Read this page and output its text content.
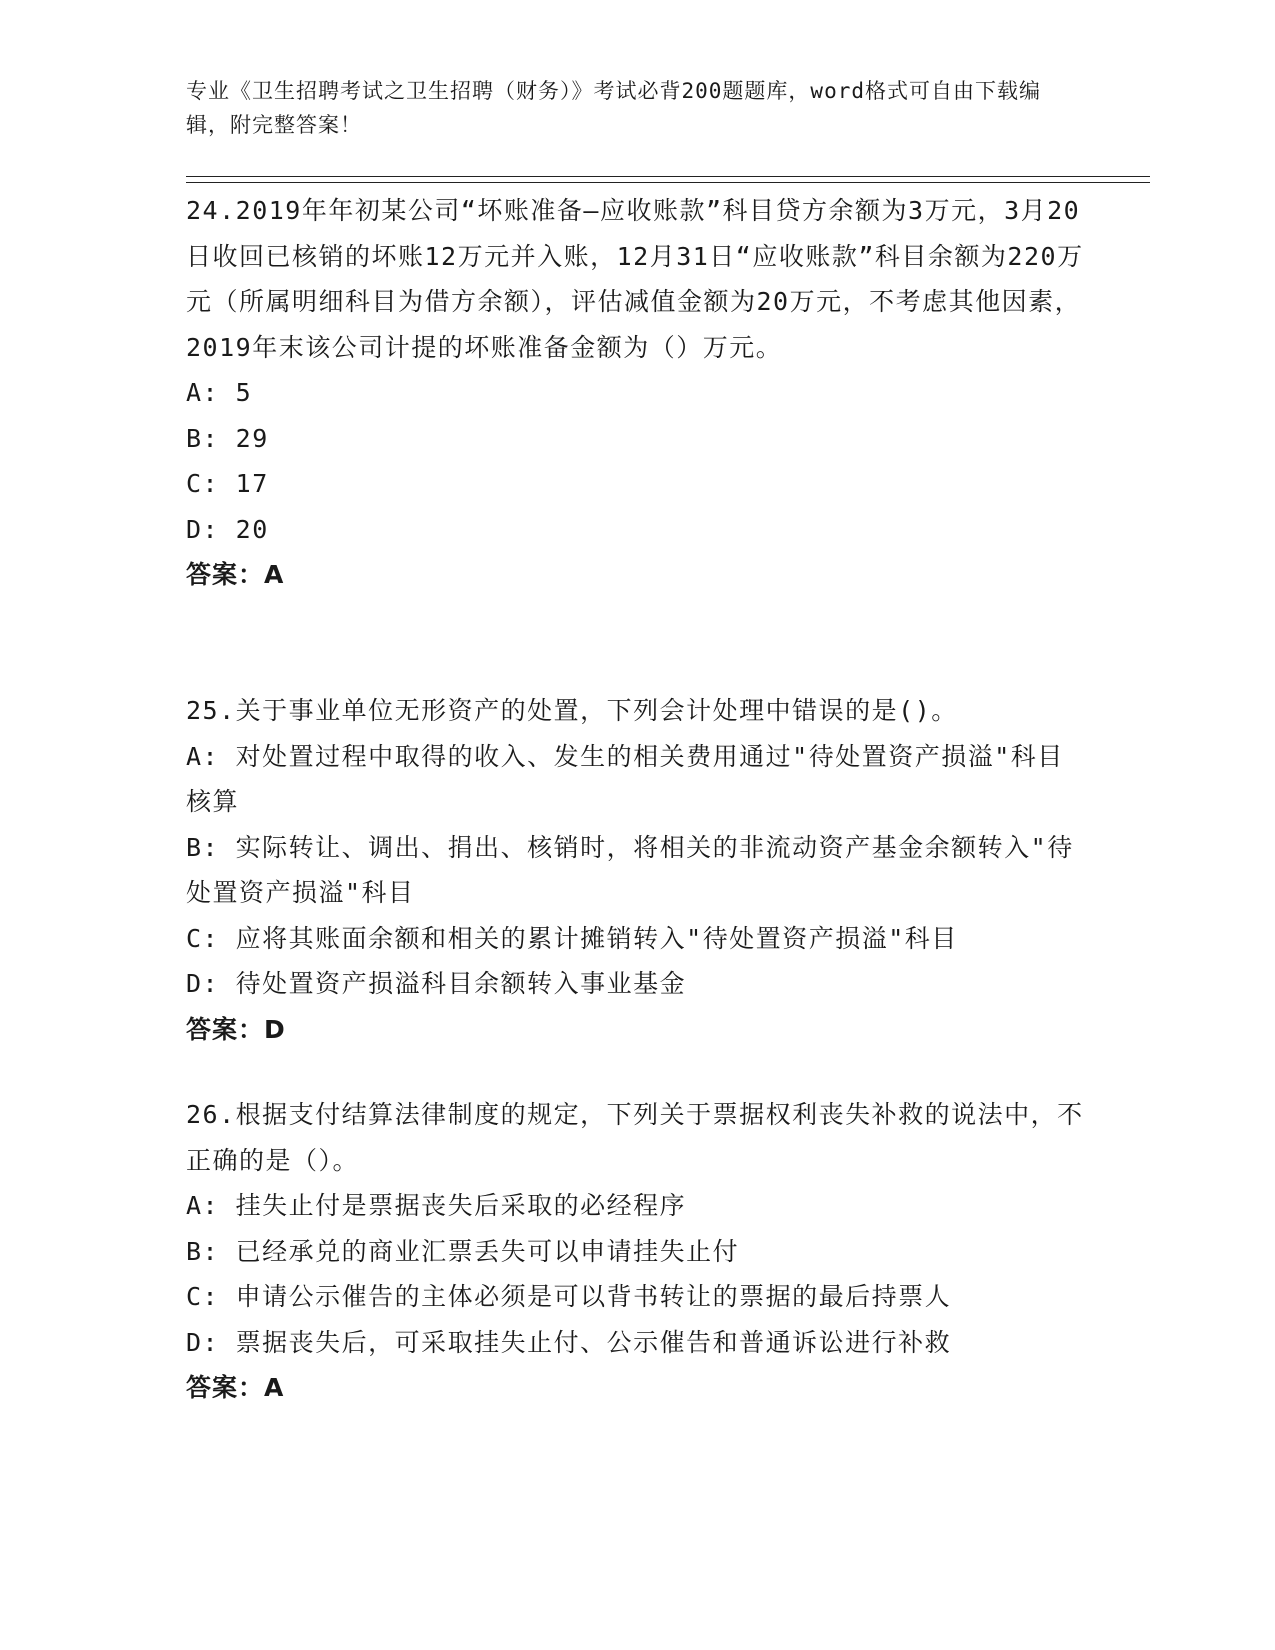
专业《卫生招聘考试之卫生招聘（财务）》考试必背200题题库，word格式可自由下载编辑，附完整答案！
24.2019年年初某公司“坏账准备—应收账款”科目贷方余额为3万元，3月20日收回已核销的坏账12万元并入账，12月31日“应收账款”科目余额为220万元（所属明细科目为借方余额），评估减值金额为20万元，不考虑其他因素，2019年末该公司计提的坏账准备金额为（）万元。
A: 5
B: 29
C: 17
D: 20
答案：A
25.关于事业单位无形资产的处置，下列会计处理中错误的是()。
A: 对处置过程中取得的收入、发生的相关费用通过"待处置资产损溢"科目核算
B: 实际转让、调出、捐出、核销时，将相关的非流动资产基金余额转入"待处置资产损溢"科目
C: 应将其账面余额和相关的累计摊销转入"待处置资产损溢"科目
D: 待处置资产损溢科目余额转入事业基金
答案：D
26.根据支付结算法律制度的规定，下列关于票据权利丧失补救的说法中，不正确的是（）。
A: 挂失止付是票据丧失后采取的必经程序
B: 已经承兑的商业汇票丢失可以申请挂失止付
C: 申请公示催告的主体必须是可以背书转让的票据的最后持票人
D: 票据丧失后，可采取挂失止付、公示催告和普通诉讼进行补救
答案：A
